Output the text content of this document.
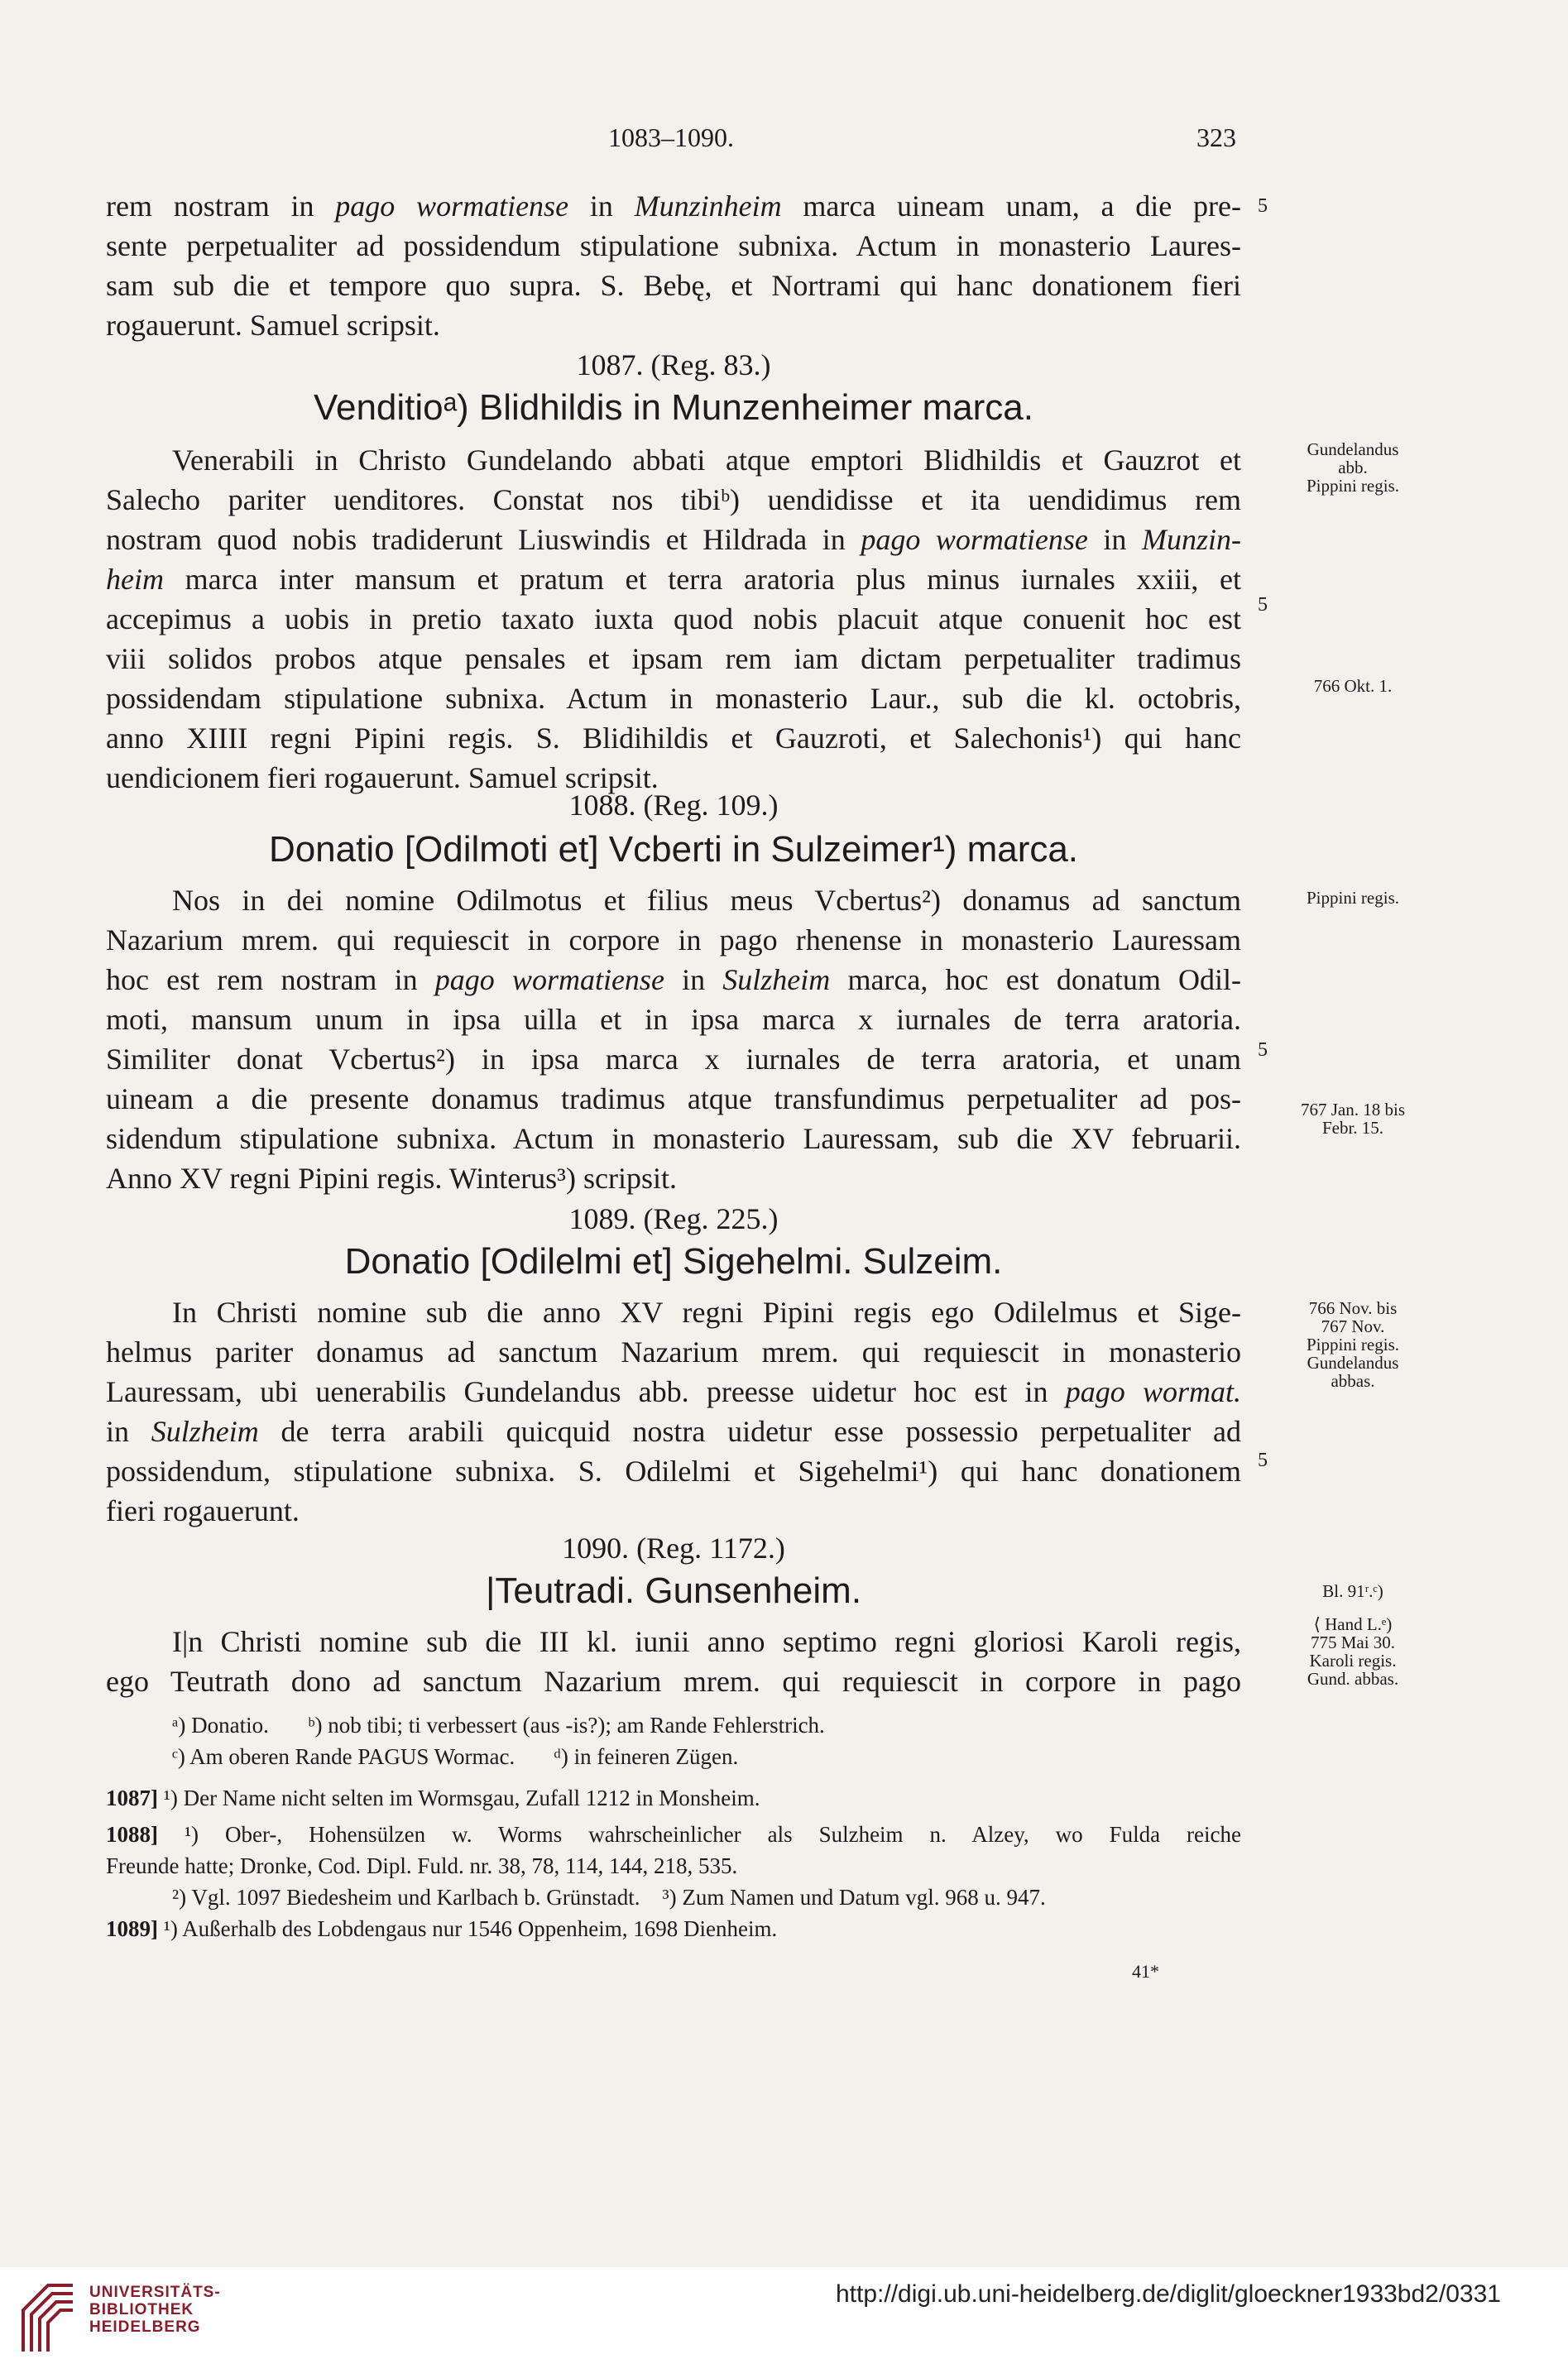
1083–1090.	323
rem nostram in pago wormatiense in Munzinheim marca uineam unam, a die pre-
sente perpetualiter ad possidendum stipulatione subnixa. Actum in monasterio Laures-
sam sub die et tempore quo supra. S. Bebę, et Nortrami qui hanc donationem fieri
rogauerunt. Samuel scripsit.
5
1087. (Reg. 83.)
Venditioᵃ) Blidhildis in Munzenheimer marca.
Venerabili in Christo Gundelando abbati atque emptori Blidhildis et Gauzrot et
Salecho pariter uenditores. Constat nos tibiᵇ) uendidisse et ita uendidimus rem
nostram quod nobis tradiderunt Liuswindis et Hildrada in pago wormatiense in Munzin-
heim marca inter mansum et pratum et terra aratoria plus minus iurnales xxiii, et
accepimus a uobis in pretio taxato iuxta quod nobis placuit atque conuenit hoc est
viii solidos probos atque pensales et ipsam rem iam dictam perpetualiter tradimus
possidendam stipulatione subnixa. Actum in monasterio Laur., sub die kl. octobris,
anno XIIII regni Pipini regis. S. Blidihildis et Gauzroti, et Salechonis¹) qui hanc
uendicionem fieri rogauerunt. Samuel scripsit.
5
1088. (Reg. 109.)
Donatio [Odilmoti et] Vcberti in Sulzeimer¹) marca.
Nos in dei nomine Odilmotus et filius meus Vcbertus²) donamus ad sanctum
Nazarium mrem. qui requiescit in corpore in pago rhenense in monasterio Lauressam
hoc est rem nostram in pago wormatiense in Sulzheim marca, hoc est donatum Odil-
moti, mansum unum in ipsa uilla et in ipsa marca x iurnales de terra aratoria.
Similiter donat Vcbertus²) in ipsa marca x iurnales de terra aratoria, et unam
uineam a die presente donamus tradimus atque transfundimus perpetualiter ad pos-
sidendum stipulatione subnixa. Actum in monasterio Lauressam, sub die XV februarii.
Anno XV regni Pipini regis. Winterus³) scripsit.
5
1089. (Reg. 225.)
Donatio [Odilelmi et] Sigehelmi. Sulzeim.
In Christi nomine sub die anno XV regni Pipini regis ego Odilelmus et Sige-
helmus pariter donamus ad sanctum Nazarium mrem. qui requiescit in monasterio
Lauressam, ubi uenerabilis Gundelandus abb. preesse uidetur hoc est in pago wormat.
in Sulzheim de terra arabili quicquid nostra uidetur esse possessio perpetualiter ad
possidendum, stipulatione subnixa. S. Odilelmi et Sigehelmi¹) qui hanc donationem
fieri rogauerunt.
5
1090. (Reg. 1172.)
|Teutradi. Gunsenheim.
I|n Christi nomine sub die III kl. iunii anno septimo regni gloriosi Karoli regis,
ego Teutrath dono ad sanctum Nazarium mrem. qui requiescit in corpore in pago
Gundelandus
abb.
Pippini regis.
766 Okt. 1.
Pippini regis.
767 Jan. 18 bis
Febr. 15.
766 Nov. bis
767 Nov.
Pippini regis.
Gundelandus
abbas.
Bl. 91ʳ.ᶜ)
⟨ Hand L.ᵉ)
775 Mai 30.
Karoli regis.
Gund. abbas.
ᵃ) Donatio.       ᵇ) nob tibi; ti verbessert (aus -is?); am Rande Fehlerstrich.
ᶜ) Am oberen Rande PAGUS Wormac.       ᵈ) in feineren Zügen.
1087] ¹) Der Name nicht selten im Wormsgau, Zufall 1212 in Monsheim.
1088] ¹) Ober-, Hohensülzen w. Worms wahrscheinlicher als Sulzheim n. Alzey, wo Fulda reiche
Freunde hatte; Dronke, Cod. Dipl. Fuld. nr. 38, 78, 114, 144, 218, 535.
²) Vgl. 1097 Biedesheim und Karlbach b. Grünstadt.    ³) Zum Namen und Datum vgl. 968 u. 947.
1089] ¹) Außerhalb des Lobdengaus nur 1546 Oppenheim, 1698 Dienheim.
41*
UNIVERSITÄTS-
BIBLIOTHEK
HEIDELBERG
http://digi.ub.uni-heidelberg.de/diglit/gloeckner1933bd2/0331
